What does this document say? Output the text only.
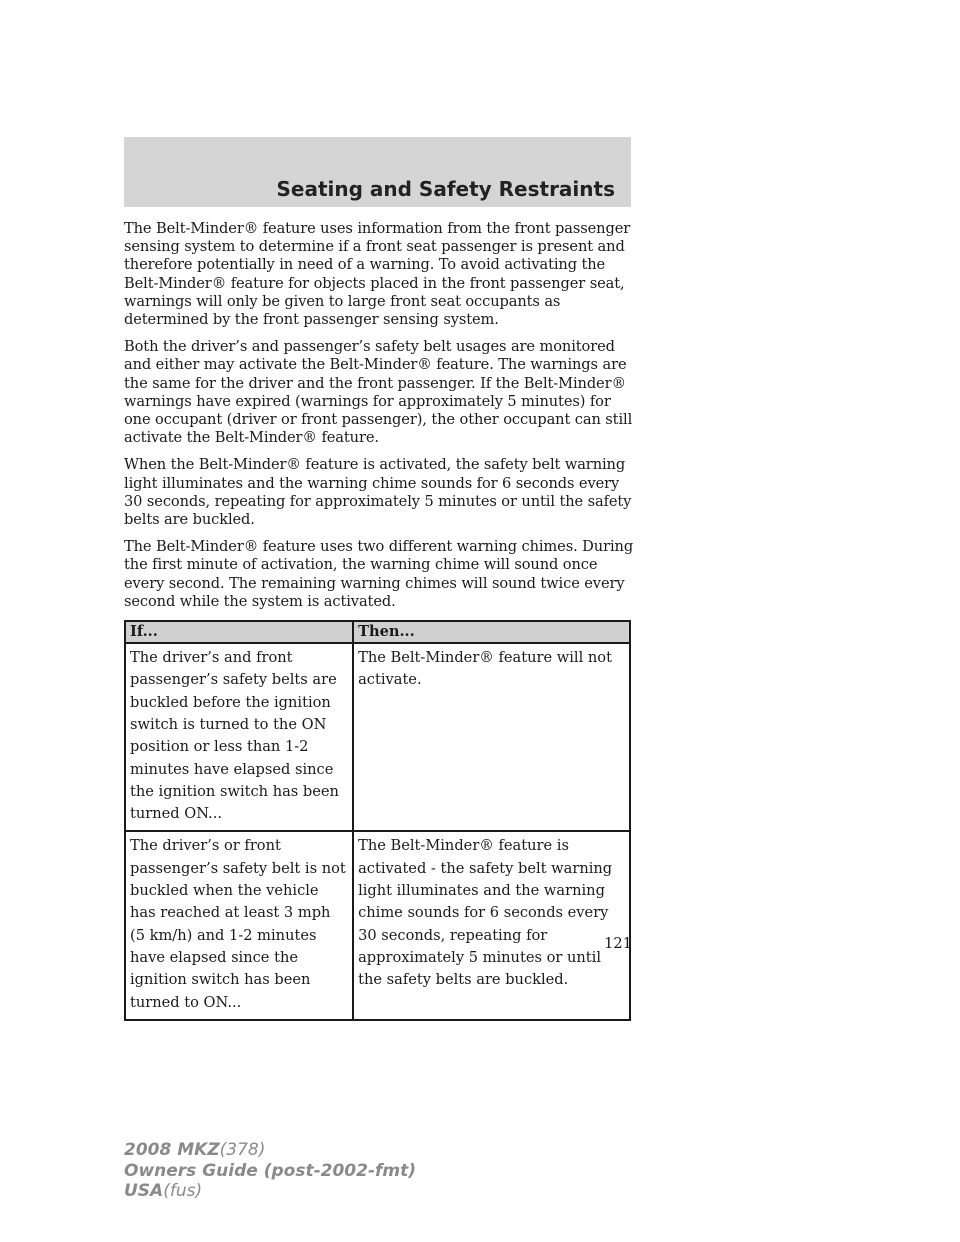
Seating and Safety Restraints

The Belt-Minder® feature uses information from the front passenger sensing system to determine if a front seat passenger is present and therefore potentially in need of a warning. To avoid activating the Belt-Minder® feature for objects placed in the front passenger seat, warnings will only be given to large front seat occupants as determined by the front passenger sensing system.

Both the driver’s and passenger’s safety belt usages are monitored and either may activate the Belt-Minder® feature. The warnings are the same for the driver and the front passenger. If the Belt-Minder® warnings have expired (warnings for approximately 5 minutes) for one occupant (driver or front passenger), the other occupant can still activate the Belt-Minder® feature.

When the Belt-Minder® feature is activated, the safety belt warning light illuminates and the warning chime sounds for 6 seconds every 30 seconds, repeating for approximately 5 minutes or until the safety belts are buckled.

The Belt-Minder® feature uses two different warning chimes. During the first minute of activation, the warning chime will sound once every second. The remaining warning chimes will sound twice every second while the system is activated.

If...	Then...
The driver’s and front passenger’s safety belts are buckled before the ignition switch is turned to the ON position or less than 1-2 minutes have elapsed since the ignition switch has been turned ON...	The Belt-Minder® feature will not activate.
The driver’s or front passenger’s safety belt is not buckled when the vehicle has reached at least 3 mph (5 km/h) and 1-2 minutes have elapsed since the ignition switch has been turned to ON...	The Belt-Minder® feature is activated - the safety belt warning light illuminates and the warning chime sounds for 6 seconds every 30 seconds, repeating for approximately 5 minutes or until the safety belts are buckled.
121
2008 MKZ(378)
Owners Guide (post-2002-fmt)
USA(fus)
